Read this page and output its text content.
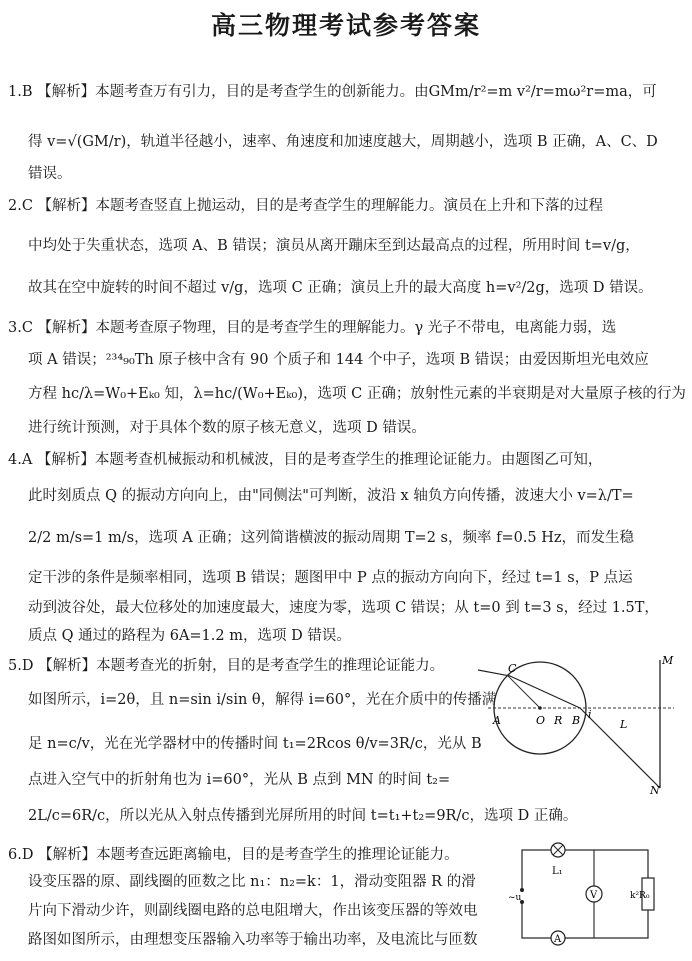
高三物理考试参考答案
1.B 【解析】本题考查万有引力，目的是考查学生的创新能力。由GMm/r²=m v²/r=mω²r=ma，可
得 v=√(GM/r)，轨道半径越小，速率、角速度和加速度越大，周期越小，选项 B 正确，A、C、D
错误。
2.C 【解析】本题考查竖直上抛运动，目的是考查学生的理解能力。演员在上升和下落的过程
中均处于失重状态，选项 A、B 错误；演员从离开蹦床至到达最高点的过程，所用时间 t=v/g，
故其在空中旋转的时间不超过 v/g，选项 C 正确；演员上升的最大高度 h=v²/2g，选项 D 错误。
3.C 【解析】本题考查原子物理，目的是考查学生的理解能力。γ 光子不带电，电离能力弱，选
项 A 错误；²³⁴₉₀Th 原子核中含有 90 个质子和 144 个中子，选项 B 错误；由爱因斯坦光电效应
方程 hc/λ=W₀+Eₖ₀ 知，λ=hc/(W₀+Eₖ₀)，选项 C 正确；放射性元素的半衰期是对大量原子核的行为
进行统计预测，对于具体个数的原子核无意义，选项 D 错误。
4.A 【解析】本题考查机械振动和机械波，目的是考查学生的推理论证能力。由题图乙可知，
此时刻质点 Q 的振动方向向上，由"同侧法"可判断，波沿 x 轴负方向传播，波速大小 v=λ/T=
2/2 m/s=1 m/s，选项 A 正确；这列简谐横波的振动周期 T=2 s，频率 f=0.5 Hz，而发生稳
定干涉的条件是频率相同，选项 B 错误；题图甲中 P 点的振动方向向下，经过 t=1 s，P 点运
动到波谷处，最大位移处的加速度最大，速度为零，选项 C 错误；从 t=0 到 t=3 s，经过 1.5T，
质点 Q 通过的路程为 6A=1.2 m，选项 D 错误。
5.D 【解析】本题考查光的折射，目的是考查学生的推理论证能力。
如图所示，i=2θ，且 n=sin i/sin θ，解得 i=60°，光在介质中的传播满
足 n=c/v，光在光学器材中的传播时间 t₁=2Rcos θ/v=3R/c，光从 B
点进入空气中的折射角也为 i=60°，光从 B 点到 MN 的时间 t₂=
2L/c=6R/c，所以光从入射点传播到光屏所用的时间 t=t₁+t₂=9R/c，选项 D 正确。
6.D 【解析】本题考查远距离输电，目的是考查学生的推理论证能力。
设变压器的原、副线圈的匝数之比 n₁：n₂=k：1，滑动变阻器 R 的滑
片向下滑动少许，则副线圈电路的总电阻增大，作出该变压器的等效电
路图如图所示，由理想变压器输入功率等于输出功率，及电流比与匝数
C
A	O R B i
L
M
N
L₁
V	k²R₀
~u
A
